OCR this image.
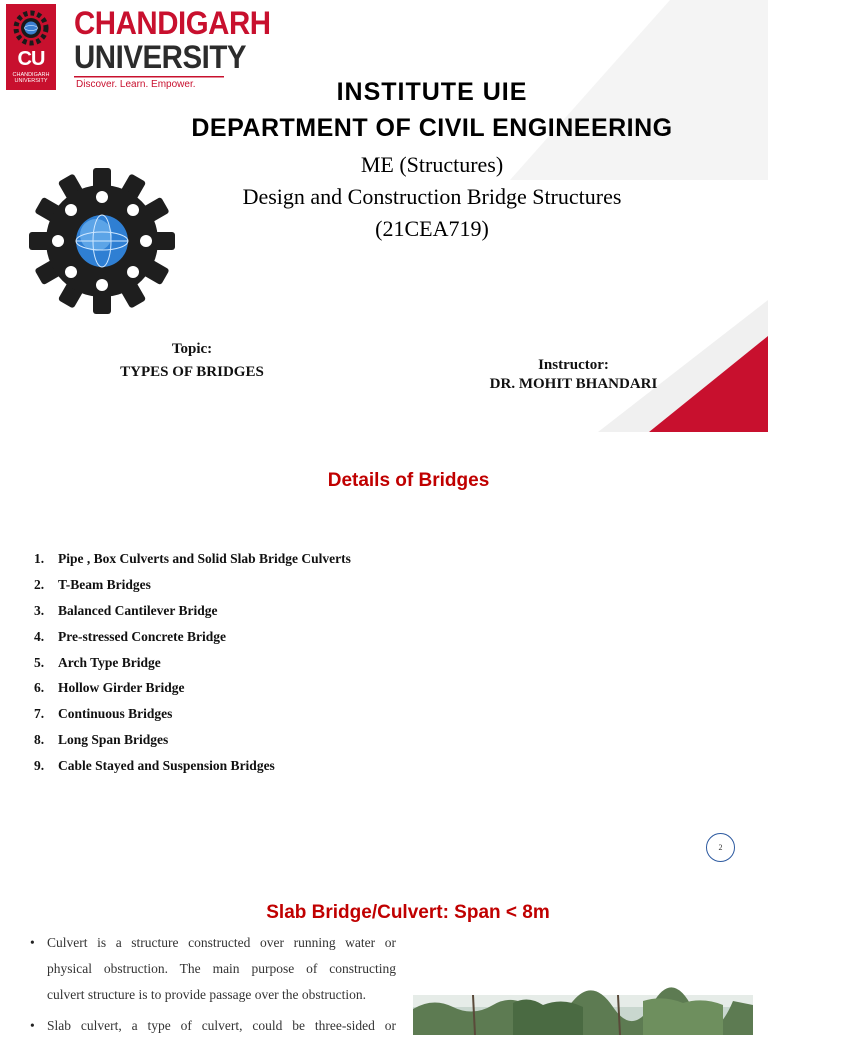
CU
CHANDIGARH UNIVERSITY
CHANDIGARH
UNIVERSITY
Discover. Learn. Empower.	INSTITUTE UIE
DEPARTMENT OF CIVIL ENGINEERING
ME (Structures)
Design and Construction Bridge Structures
(21CEA719)
Topic:
TYPES OF BRIDGES	Instructor:
DR. MOHIT BHANDARI
Details of Bridges
1. Pipe , Box Culverts and Solid Slab Bridge Culverts
2. T-Beam Bridges
3. Balanced Cantilever Bridge
4. Pre-stressed Concrete Bridge
5. Arch Type Bridge
6. Hollow Girder Bridge
7. Continuous Bridges
8. Long Span Bridges
9. Cable Stayed and Suspension Bridges
2
Slab Bridge/Culvert: Span < 8m
• Culvert is a structure constructed over running water or
physical obstruction. The main purpose of constructing
culvert structure is to provide passage over the obstruction.
• Slab culvert, a type of culvert, could be three-sided or
